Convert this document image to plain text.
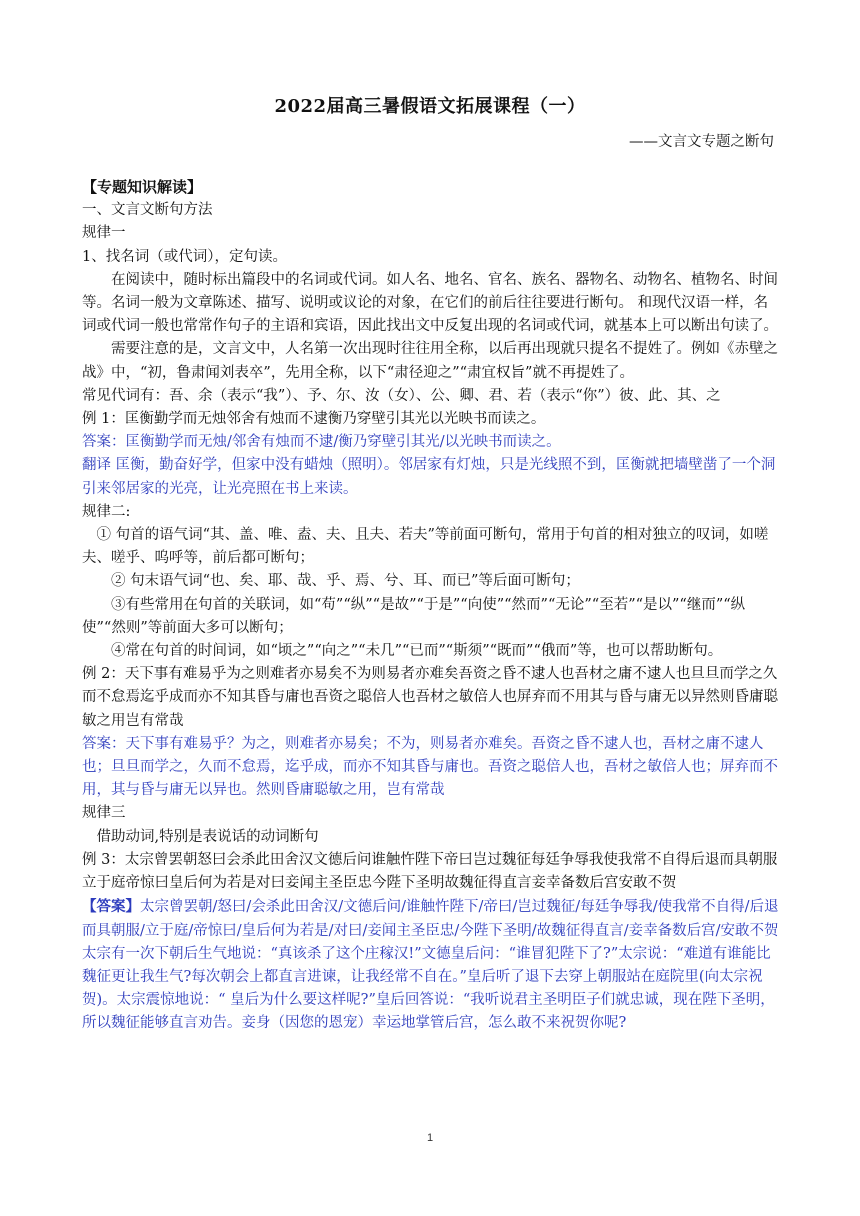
2022届高三暑假语文拓展课程（一）
——文言文专题之断句

【专题知识解读】

一、文言文断句方法

规律一

1、找名词（或代词），定句读。

在阅读中，随时标出篇段中的名词或代词。如人名、地名、官名、族名、器物名、动物名、植物名、时间等。名词一般为文章陈述、描写、说明或议论的对象，在它们的前后往往要进行断句。 和现代汉语一样，名词或代词一般也常常作句子的主语和宾语，因此找出文中反复出现的名词或代词，就基本上可以断出句读了。

需要注意的是，文言文中，人名第一次出现时往往用全称，以后再出现就只提名不提姓了。例如《赤壁之战》中，“初，鲁肃闻刘表卒”，先用全称，以下“肃径迎之”“肃宜权旨”就不再提姓了。

常见代词有：吾、余（表示“我”）、予、尔、汝（女）、公、卿、君、若（表示“你”）彼、此、其、之

例 1：匡衡勤学而无烛邻舍有烛而不逮衡乃穿壁引其光以光映书而读之。

答案：匡衡勤学而无烛/邻舍有烛而不逮/衡乃穿壁引其光/以光映书而读之。

翻译 匡衡，勤奋好学，但家中没有蜡烛（照明）。邻居家有灯烛，只是光线照不到，匡衡就把墙壁凿了一个洞引来邻居家的光亮，让光亮照在书上来读。

规律二:

① 句首的语气词“其、盖、唯、盍、夫、且夫、若夫”等前面可断句，常用于句首的相对独立的叹词，如嗟夫、嗟乎、呜呼等，前后都可断句；

② 句末语气词“也、矣、耶、哉、乎、焉、兮、耳、而已”等后面可断句；

③有些常用在句首的关联词，如“苟”“纵”“是故”“于是”“向使”“然而”“无论”“至若”“是以”“继而”“纵使”“然则”等前面大多可以断句；

④常在句首的时间词，如“顷之”“向之”“未几”“已而”“斯须”“既而”“俄而”等，也可以帮助断句。

例 2：天下事有难易乎为之则难者亦易矣不为则易者亦难矣吾资之昏不逮人也吾材之庸不逮人也旦旦而学之久而不怠焉迄乎成而亦不知其昏与庸也吾资之聪倍人也吾材之敏倍人也屏弃而不用其与昏与庸无以异然则昏庸聪敏之用岂有常哉

答案：天下事有难易乎？为之，则难者亦易矣；不为，则易者亦难矣。吾资之昏不逮人也，吾材之庸不逮人也；旦旦而学之，久而不怠焉，迄乎成，而亦不知其昏与庸也。吾资之聪倍人也，吾材之敏倍人也；屏弃而不用，其与昏与庸无以异也。然则昏庸聪敏之用，岂有常哉

规律三

借助动词,特别是表说话的动词断句

例 3：太宗曾罢朝怒曰会杀此田舍汉文德后问谁触忤陛下帝曰岂过魏征每廷争辱我使我常不自得后退而具朝服立于庭帝惊曰皇后何为若是对曰妾闻主圣臣忠今陛下圣明故魏征得直言妾幸备数后宫安敢不贺

【答案】太宗曾罢朝/怒曰/会杀此田舍汉/文德后问/谁触忤陛下/帝曰/岂过魏征/每廷争辱我/使我常不自得/后退而具朝服/立于庭/帝惊曰/皇后何为若是/对曰/妾闻主圣臣忠/今陛下圣明/故魏征得直言/妾幸备数后宫/安敢不贺

太宗有一次下朝后生气地说：“真该杀了这个庄稼汉!”文德皇后问：“谁冒犯陛下了?”太宗说：“难道有谁能比魏征更让我生气?每次朝会上都直言进谏，让我经常不自在。”皇后听了退下去穿上朝服站在庭院里(向太宗祝贺)。太宗震惊地说：“ 皇后为什么要这样呢?”皇后回答说：“我听说君主圣明臣子们就忠诚，现在陛下圣明，所以魏征能够直言劝告。妾身（因您的恩宠）幸运地掌管后宫，怎么敢不来祝贺你呢?

1
